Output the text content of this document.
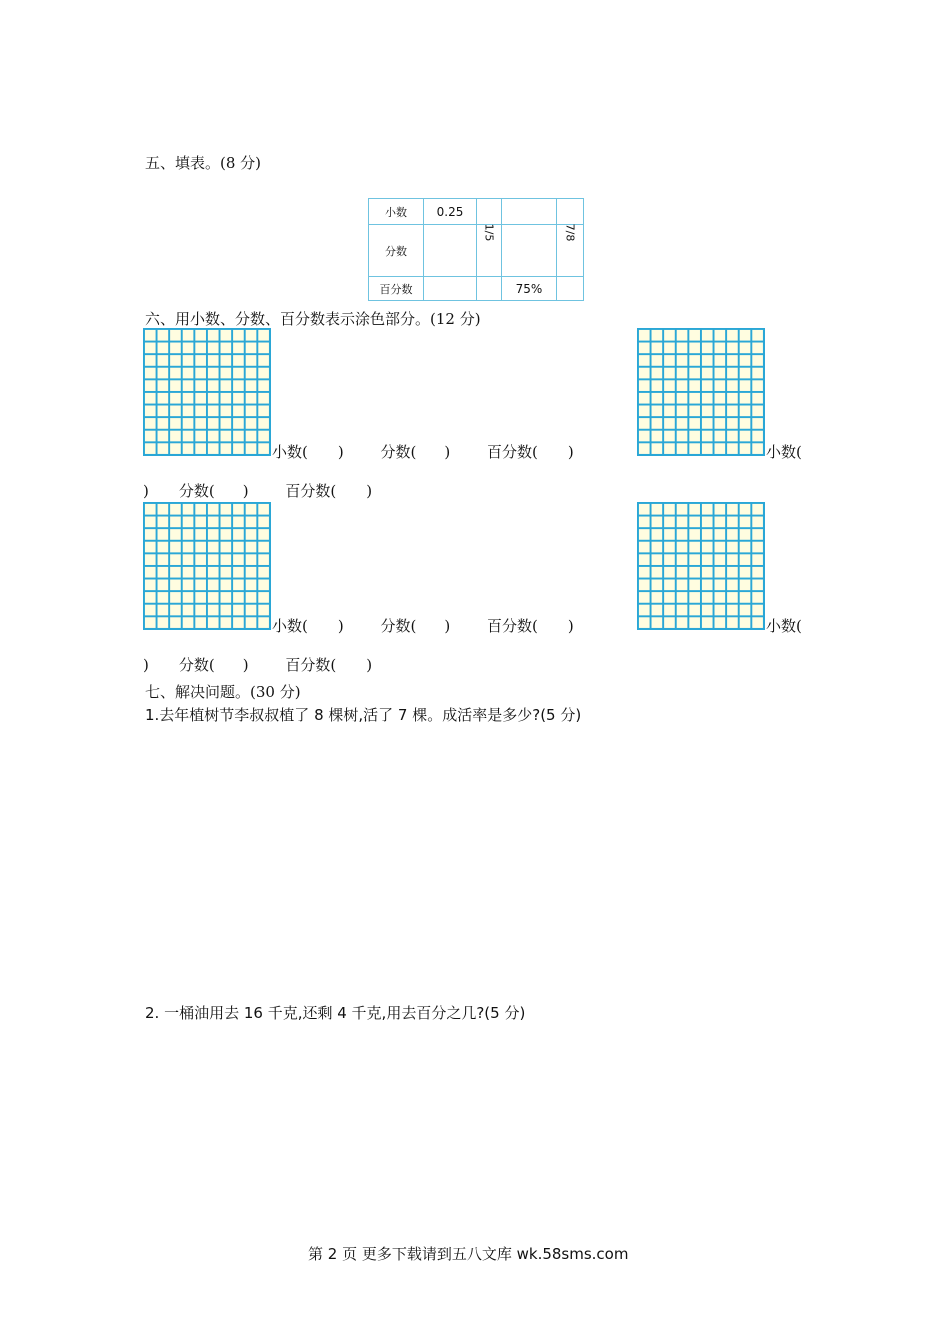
五、填表。(8 分)
小数	0.25			
分数		1/5		7/8
百分数			75%	
六、用小数、分数、百分数表示涂色部分。(12 分)
小数( ) 分数( ) 百分数( )	小数(
) 分数( ) 百分数( )
小数( ) 分数( ) 百分数( )	小数(
) 分数( ) 百分数( )
七、解决问题。(30 分)
1.去年植树节李叔叔植了 8 棵树,活了 7 棵。成活率是多少?(5 分)
2. 一桶油用去 16 千克,还剩 4 千克,用去百分之几?(5 分)
第 2 页 更多下载请到五八文库 wk.58sms.com
